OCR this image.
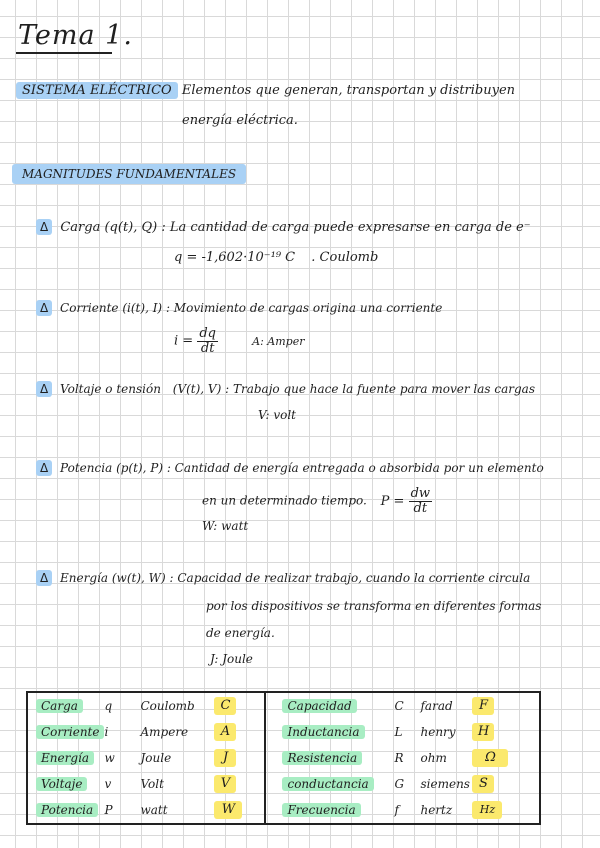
Tema 1.
SISTEMA ELÉCTRICO Elementos que generan, transportan y distribuyen
energía eléctrica.
MAGNITUDES FUNDAMENTALES
Δ Carga (q(t), Q) : La cantidad de carga puede expresarse en carga de e⁻
q = -1,602·10⁻¹⁹ C . Coulomb
Δ Corriente (i(t), I) : Movimiento de cargas origina una corriente
$i = \frac{dq}{dt}$	A: Amper
Δ Voltaje o tensión (V(t), V) : Trabajo que hace la fuente para mover las cargas
V: volt
Δ Potencia (p(t), P) : Cantidad de energía entregada o absorbida por un elemento
en un determinado tiempo. $P = \frac{dw}{dt}$
W: watt
Δ Energía (w(t), W) : Capacidad de realizar trabajo, cuando la corriente circula
por los dispositivos se transforma en diferentes formas
de energía.
J: Joule
Carga	q	Coulomb	C		Capacidad	C	farad	F
Corriente	i	Ampere	A		Inductancia	L	henry	H
Energía	w	Joule	J		Resistencia	R	ohm	Ω
Voltaje	v	Volt	V		conductancia	G	siemens	S
Potencia	P	watt	W		Frecuencia	f	hertz	Hz
